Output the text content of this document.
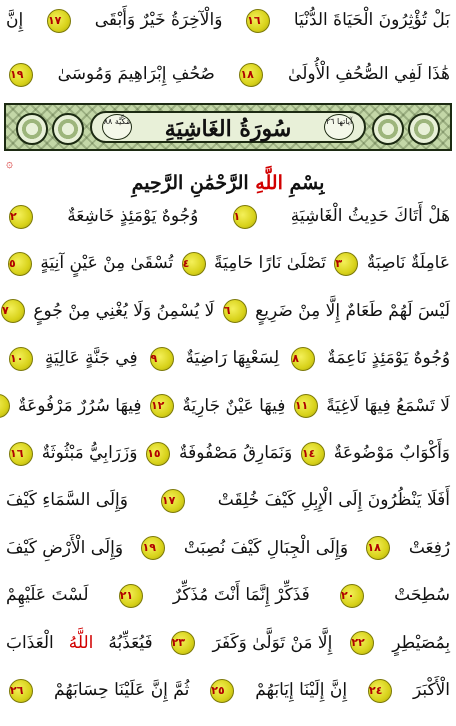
بَلْ تُؤْثِرُونَ الْحَيَاةَ الدُّنْيَا ١٦ وَالْآخِرَةُ خَيْرٌ وَأَبْقَى ١٧ إِنَّ
هَٰذَا لَفِي الصُّحُفِ الْأُولَىٰ ١٨ صُحُفِ إِبْرَاهِيمَ وَمُوسَىٰ ١٩
سُورَةُ الغَاشِيَةِ
مَكِّيَّة ٨٨	آياتها ٢٦
۞
بِسْمِ اللَّهِ الرَّحْمَٰنِ الرَّحِيمِ
هَلْ أَتَاكَ حَدِيثُ الْغَاشِيَةِ ١ وُجُوهٌ يَوْمَئِذٍ خَاشِعَةٌ ٢
عَامِلَةٌ نَاصِبَةٌ ٣ تَصْلَىٰ نَارًا حَامِيَةً ٤ تُسْقَىٰ مِنْ عَيْنٍ آنِيَةٍ ٥
لَيْسَ لَهُمْ طَعَامٌ إِلَّا مِنْ ضَرِيعٍ ٦ لَا يُسْمِنُ وَلَا يُغْنِي مِنْ جُوعٍ ٧
وُجُوهٌ يَوْمَئِذٍ نَاعِمَةٌ ٨ لِسَعْيِهَا رَاضِيَةٌ ٩ فِي جَنَّةٍ عَالِيَةٍ ١٠
لَا تَسْمَعُ فِيهَا لَاغِيَةً ١١ فِيهَا عَيْنٌ جَارِيَةٌ ١٢ فِيهَا سُرُرٌ مَرْفُوعَةٌ
وَأَكْوَابٌ مَوْضُوعَةٌ ١٤ وَنَمَارِقُ مَصْفُوفَةٌ ١٥ وَزَرَابِيُّ مَبْثُوثَةٌ ١٦
أَفَلَا يَنْظُرُونَ إِلَى الْإِبِلِ كَيْفَ خُلِقَتْ ١٧ وَإِلَى السَّمَاءِ كَيْفَ
رُفِعَتْ ١٨ وَإِلَى الْجِبَالِ كَيْفَ نُصِبَتْ ١٩ وَإِلَى الْأَرْضِ كَيْفَ
سُطِحَتْ ٢٠ فَذَكِّرْ إِنَّمَا أَنْتَ مُذَكِّرٌ ٢١ لَسْتَ عَلَيْهِمْ
بِمُصَيْطِرٍ ٢٢ إِلَّا مَنْ تَوَلَّىٰ وَكَفَرَ ٢٣ فَيُعَذِّبُهُ اللَّهُ الْعَذَابَ
الْأَكْبَرَ ٢٤ إِنَّ إِلَيْنَا إِيَابَهُمْ ٢٥ ثُمَّ إِنَّ عَلَيْنَا حِسَابَهُمْ ٢٦
